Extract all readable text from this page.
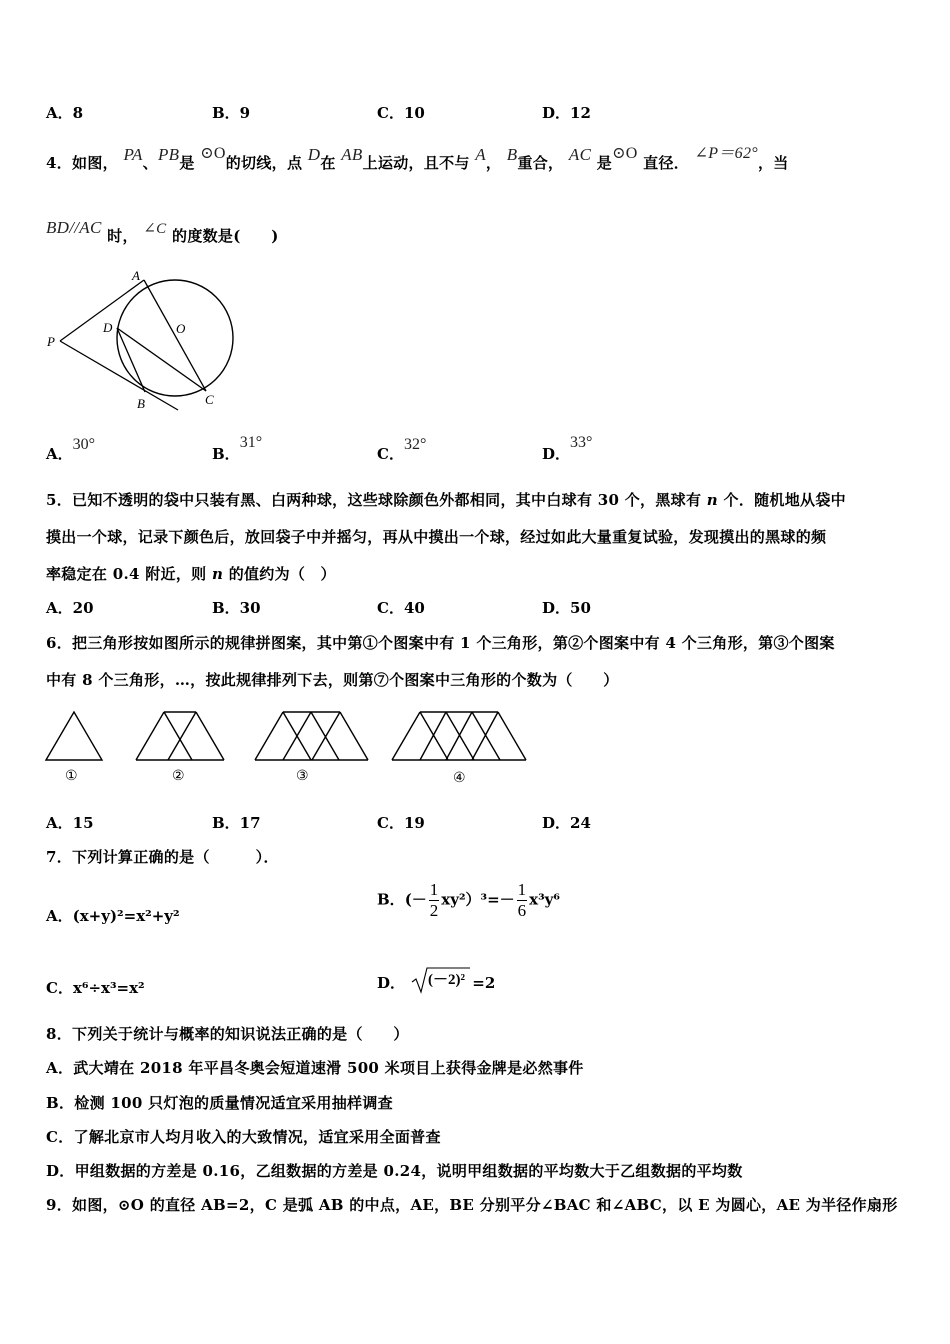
A．8	B．9	C．10	D．12
4．如图， PA、PB是 ⊙O的切线，点 D在 AB上运动，且不与 A， B重合， AC 是⊙O 直径． ∠P＝62°，当
BD//AC 时， ∠C 的度数是(　　)
A
O
D
P
B	C
A．30°
B．31°
C．32°
D．33°
5．已知不透明的袋中只装有黑、白两种球，这些球除颜色外都相同，其中白球有 30 个，黑球有 n 个．随机地从袋中
摸出一个球，记录下颜色后，放回袋子中并摇匀，再从中摸出一个球，经过如此大量重复试验，发现摸出的黑球的频
率稳定在 0.4 附近，则 n 的值约为（　）
A．20	B．30	C．40	D．50
6．把三角形按如图所示的规律拼图案，其中第①个图案中有 1 个三角形，第②个图案中有 4 个三角形，第③个图案
中有 8 个三角形，…，按此规律排列下去，则第⑦个图案中三角形的个数为（　　）
①	②	③	④
A．15	B．17	C．19	D．24
7．下列计算正确的是（　　　）．
A．(x+y)²=x²+y²
B．(－ $\frac{1}{2} xy^2)^3=- \frac{1}{6} x^3y^6$
C．x⁶÷x³=x²	D． (－2)² =2
8．下列关于统计与概率的知识说法正确的是（　　）
A．武大靖在 2018 年平昌冬奥会短道速滑 500 米项目上获得金牌是必然事件
B．检测 100 只灯泡的质量情况适宜采用抽样调查
C．了解北京市人均月收入的大致情况，适宜采用全面普查
D．甲组数据的方差是 0.16，乙组数据的方差是 0.24，说明甲组数据的平均数大于乙组数据的平均数
9．如图，⊙O 的直径 AB=2，C 是弧 AB 的中点，AE，BE 分别平分∠BAC 和∠ABC，以 E 为圆心，AE 为半径作扇形
